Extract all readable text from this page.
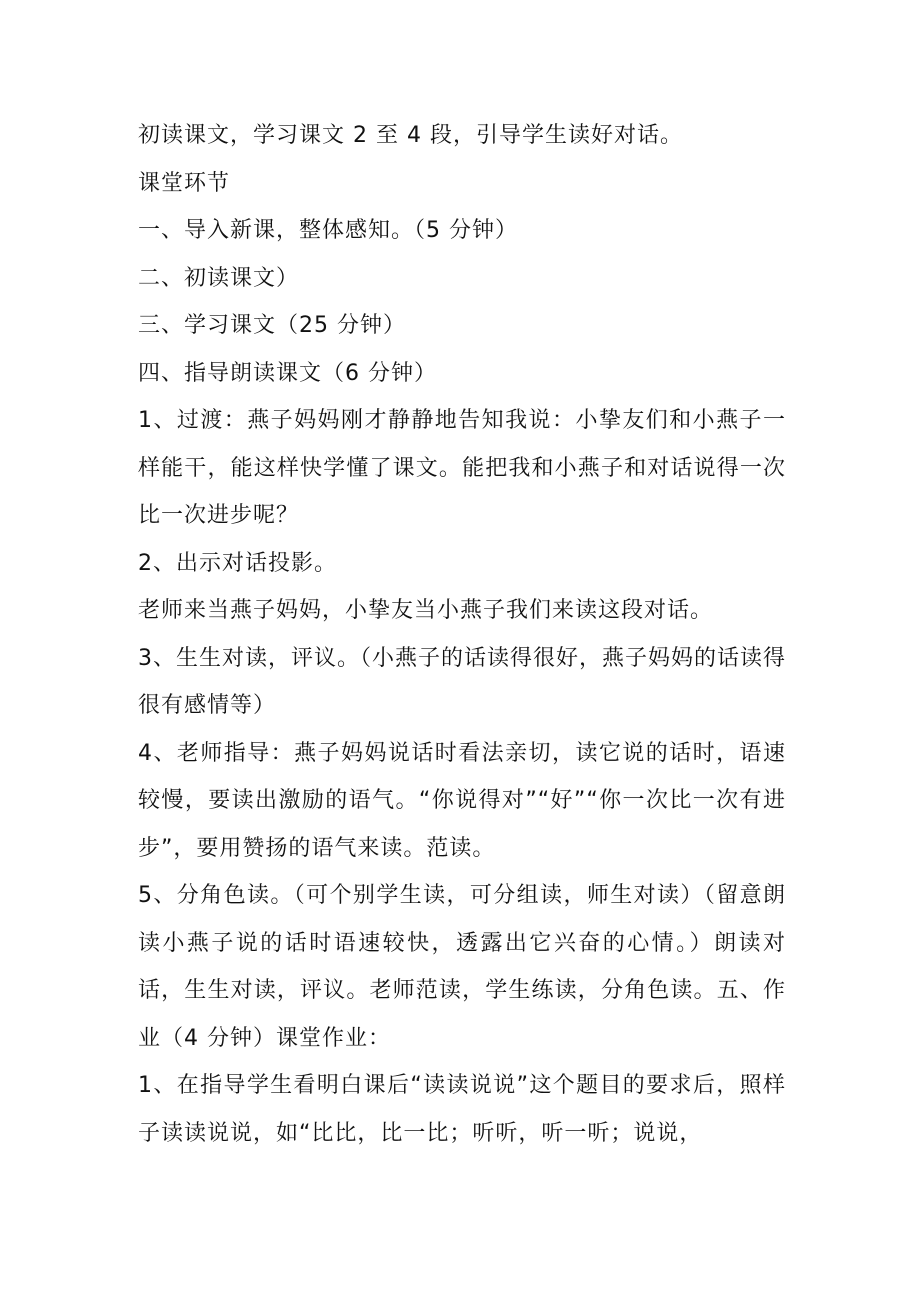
初读课文，学习课文 2 至 4 段，引导学生读好对话。

课堂环节

一、导入新课，整体感知。（5 分钟）

二、初读课文）

三、学习课文（25 分钟）

四、指导朗读课文（6 分钟）

1、过渡：燕子妈妈刚才静静地告知我说：小挚友们和小燕子一样能干，能这样快学懂了课文。能把我和小燕子和对话说得一次比一次进步呢？

2、出示对话投影。

老师来当燕子妈妈，小挚友当小燕子我们来读这段对话。

3、生生对读，评议。（小燕子的话读得很好，燕子妈妈的话读得很有感情等）

4、老师指导：燕子妈妈说话时看法亲切，读它说的话时，语速较慢，要读出激励的语气。“你说得对”“好”“你一次比一次有进步”，要用赞扬的语气来读。范读。

5、分角色读。（可个别学生读，可分组读，师生对读）（留意朗读小燕子说的话时语速较快，透露出它兴奋的心情。）朗读对话，生生对读，评议。老师范读，学生练读，分角色读。五、作业（4 分钟）课堂作业：

1、在指导学生看明白课后“读读说说”这个题目的要求后，照样子读读说说，如“比比，比一比；听听，听一听；说说，
